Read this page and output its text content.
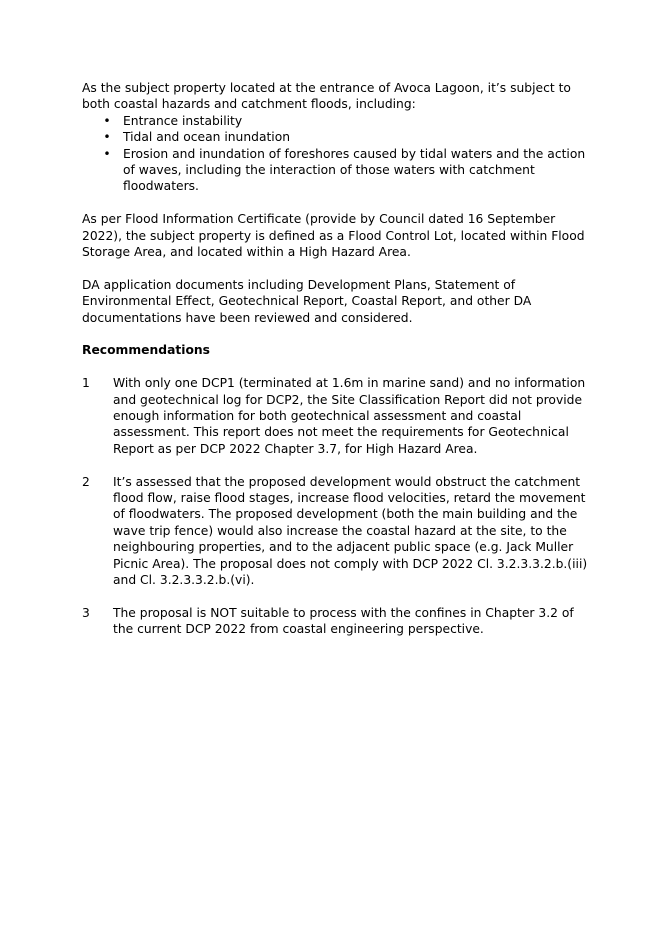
As the subject property located at the entrance of Avoca Lagoon, it’s subject to both coastal hazards and catchment floods, including:

• Entrance instability
• Tidal and ocean inundation
• Erosion and inundation of foreshores caused by tidal waters and the action of waves, including the interaction of those waters with catchment floodwaters.

As per Flood Information Certificate (provide by Council dated 16 September 2022), the subject property is defined as a Flood Control Lot, located within Flood Storage Area, and located within a High Hazard Area.

DA application documents including Development Plans, Statement of Environmental Effect, Geotechnical Report, Coastal Report, and other DA documentations have been reviewed and considered.

Recommendations

1 With only one DCP1 (terminated at 1.6m in marine sand) and no information and geotechnical log for DCP2, the Site Classification Report did not provide enough information for both geotechnical assessment and coastal assessment. This report does not meet the requirements for Geotechnical Report as per DCP 2022 Chapter 3.7, for High Hazard Area.

2 It’s assessed that the proposed development would obstruct the catchment flood flow, raise flood stages, increase flood velocities, retard the movement of floodwaters. The proposed development (both the main building and the wave trip fence) would also increase the coastal hazard at the site, to the neighbouring properties, and to the adjacent public space (e.g. Jack Muller Picnic Area). The proposal does not comply with DCP 2022 Cl. 3.2.3.3.2.b.(iii) and Cl. 3.2.3.3.2.b.(vi).

3 The proposal is NOT suitable to process with the confines in Chapter 3.2 of the current DCP 2022 from coastal engineering perspective.
